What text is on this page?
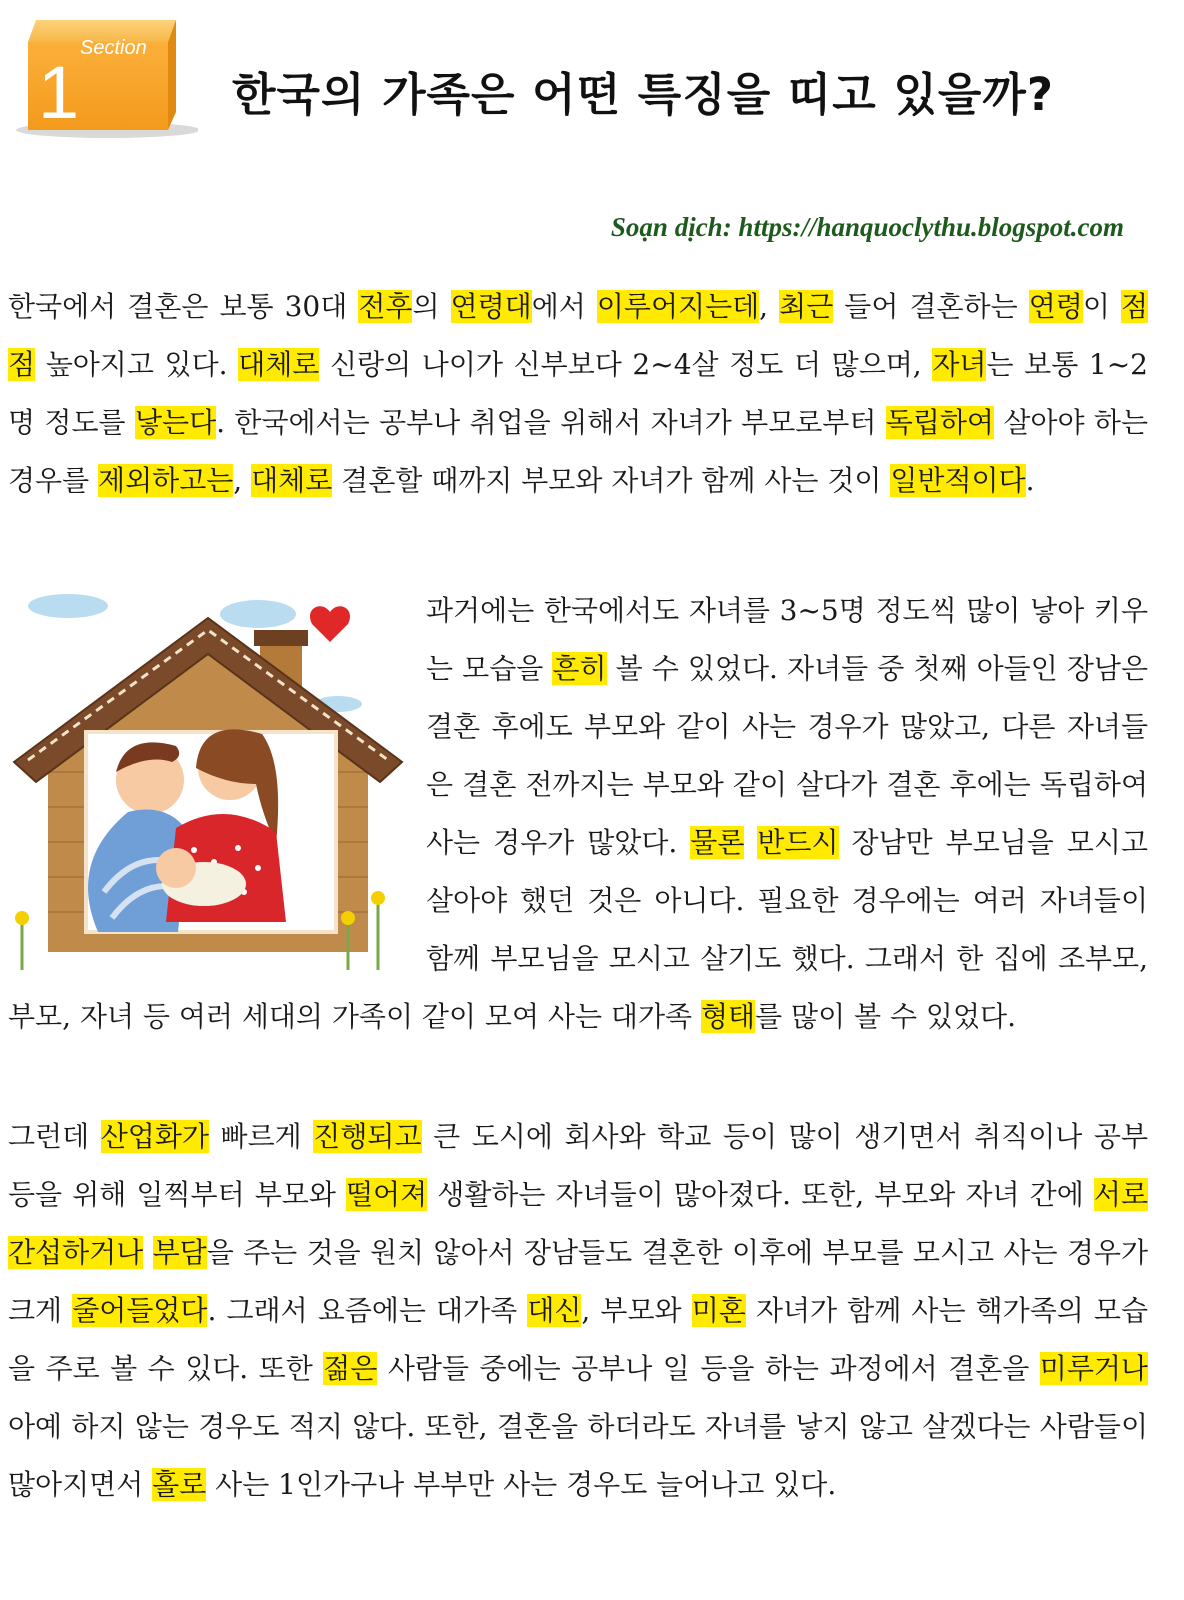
Section
1	한국의 가족은 어떤 특징을 띠고 있을까?

Soạn dịch: https://hanquoclythu.blogspot.com

한국에서 결혼은 보통 30대 전후의 연령대에서 이루어지는데, 최근 들어 결혼하는 연령이 점점 높아지고 있다. 대체로 신랑의 나이가 신부보다 2~4살 정도 더 많으며, 자녀는 보통 1~2명 정도를 낳는다. 한국에서는 공부나 취업을 위해서 자녀가 부모로부터 독립하여 살아야 하는 경우를 제외하고는, 대체로 결혼할 때까지 부모와 자녀가 함께 사는 것이 일반적이다.

과거에는 한국에서도 자녀를 3~5명 정도씩 많이 낳아 키우는 모습을 흔히 볼 수 있었다. 자녀들 중 첫째 아들인 장남은 결혼 후에도 부모와 같이 사는 경우가 많았고, 다른 자녀들은 결혼 전까지는 부모와 같이 살다가 결혼 후에는 독립하여 사는 경우가 많았다. 물론 반드시 장남만 부모님을 모시고 살아야 했던 것은 아니다. 필요한 경우에는 여러 자녀들이 함께 부모님을 모시고 살기도 했다. 그래서 한 집에 조부모, 부모, 자녀 등 여러 세대의 가족이 같이 모여 사는 대가족 형태를 많이 볼 수 있었다.

그런데 산업화가 빠르게 진행되고 큰 도시에 회사와 학교 등이 많이 생기면서 취직이나 공부 등을 위해 일찍부터 부모와 떨어져 생활하는 자녀들이 많아졌다. 또한, 부모와 자녀 간에 서로 간섭하거나 부담을 주는 것을 원치 않아서 장남들도 결혼한 이후에 부모를 모시고 사는 경우가 크게 줄어들었다. 그래서 요즘에는 대가족 대신, 부모와 미혼 자녀가 함께 사는 핵가족의 모습을 주로 볼 수 있다. 또한 젊은 사람들 중에는 공부나 일 등을 하는 과정에서 결혼을 미루거나 아예 하지 않는 경우도 적지 않다. 또한, 결혼을 하더라도 자녀를 낳지 않고 살겠다는 사람들이 많아지면서 홀로 사는 1인가구나 부부만 사는 경우도 늘어나고 있다.
